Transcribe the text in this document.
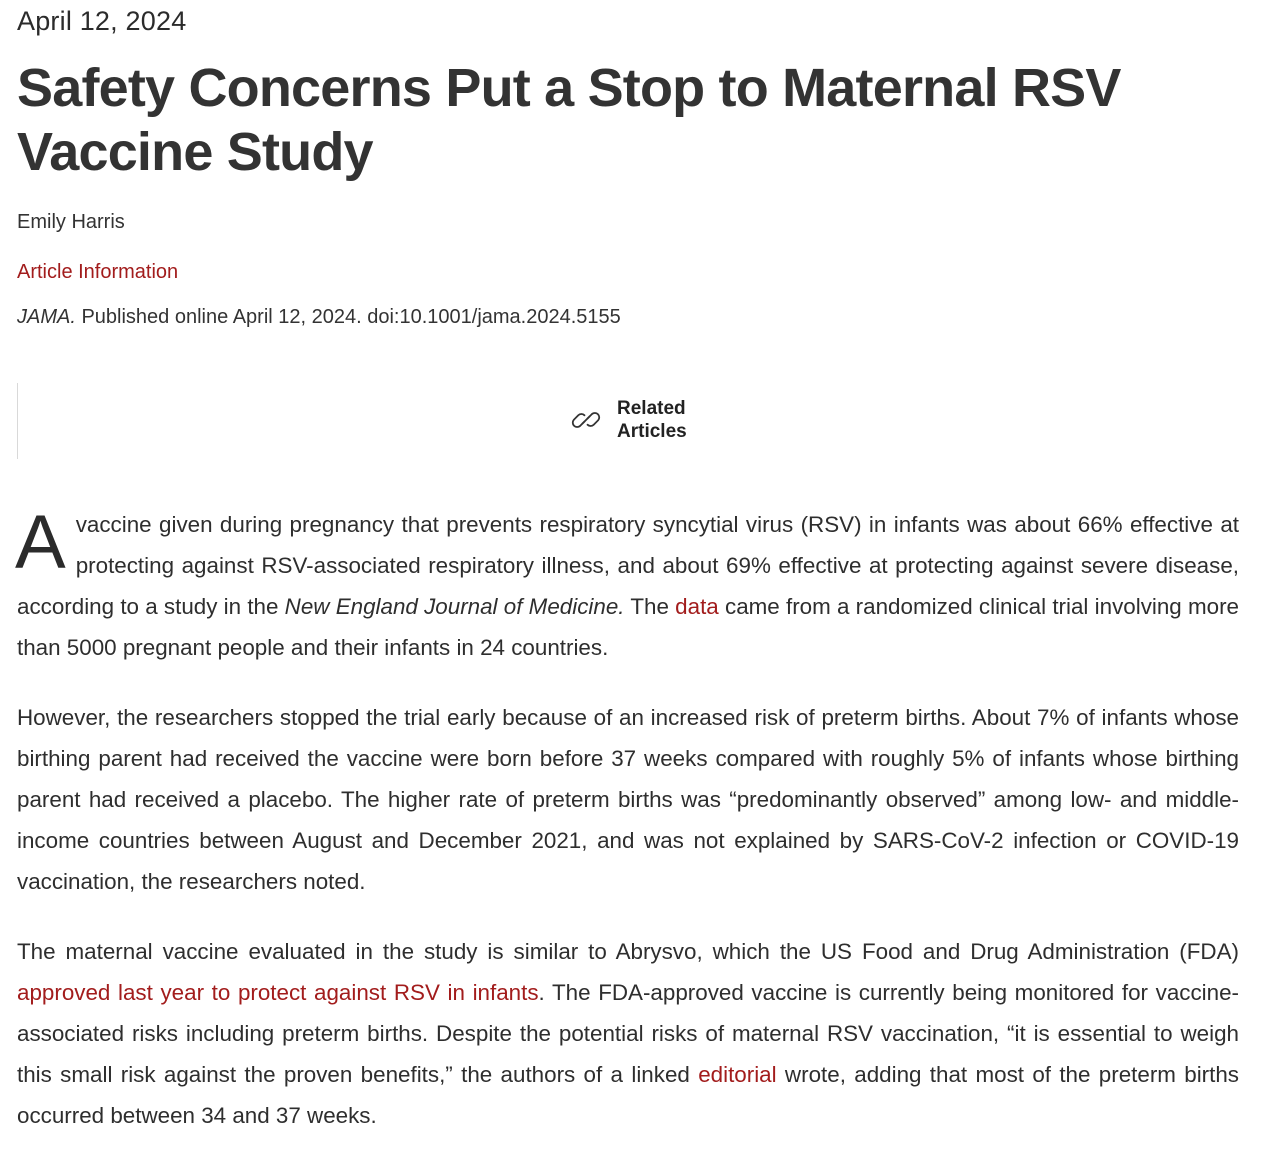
April 12, 2024
Safety Concerns Put a Stop to Maternal RSV Vaccine Study
Emily Harris
Article Information
JAMA. Published online April 12, 2024. doi:10.1001/jama.2024.5155
Related
Articles

A vaccine given during pregnancy that prevents respiratory syncytial virus (RSV) in infants was about 66% effective at protecting against RSV-associated respiratory illness, and about 69% effective at protecting against severe disease, according to a study in the New England Journal of Medicine. The data came from a randomized clinical trial involving more than 5000 pregnant people and their infants in 24 countries.

However, the researchers stopped the trial early because of an increased risk of preterm births. About 7% of infants whose birthing parent had received the vaccine were born before 37 weeks compared with roughly 5% of infants whose birthing parent had received a placebo. The higher rate of preterm births was “predominantly observed” among low- and middle-income countries between August and December 2021, and was not explained by SARS-CoV-2 infection or COVID-19 vaccination, the researchers noted.

The maternal vaccine evaluated in the study is similar to Abrysvo, which the US Food and Drug Administration (FDA) approved last year to protect against RSV in infants. The FDA-approved vaccine is currently being monitored for vaccine-associated risks including preterm births. Despite the potential risks of maternal RSV vaccination, “it is essential to weigh this small risk against the proven benefits,” the authors of a linked editorial wrote, adding that most of the preterm births occurred between 34 and 37 weeks.
